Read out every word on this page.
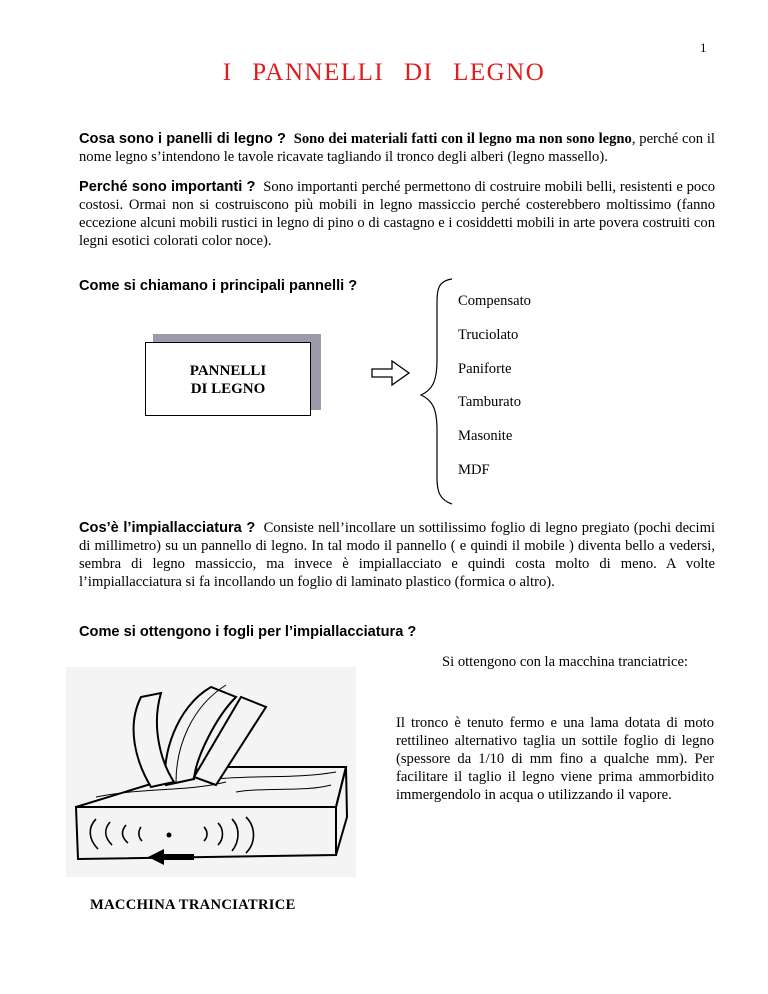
1
I PANNELLI DI LEGNO
Cosa sono i panelli di legno ? Sono dei materiali fatti con il legno ma non sono legno, perché con il nome legno s’intendono le tavole ricavate tagliando il tronco degli alberi (legno massello).
Perché sono importanti ? Sono importanti perché permettono di costruire mobili belli, resistenti e poco costosi. Ormai non si costruiscono più mobili in legno massiccio perché costerebbero moltissimo (fanno eccezione alcuni mobili rustici in legno di pino o di castagno e i cosiddetti mobili in arte povera costruiti con legni esotici colorati color noce).
Come si chiamano i principali pannelli ?
PANNELLI
DI LEGNO
Compensato
Truciolato
Paniforte
Tamburato
Masonite
MDF
Cos’è l’impiallacciatura ? Consiste nell’incollare un sottilissimo foglio di legno pregiato (pochi decimi di millimetro) su un pannello di legno. In tal modo il pannello ( e quindi il mobile ) diventa bello a vedersi, sembra di legno massiccio, ma invece è impiallacciato e quindi costa molto di meno. A volte l’impiallacciatura si fa incollando un foglio di laminato plastico (formica o altro).
Come si ottengono i fogli per l’impiallacciatura ?
Si ottengono con la macchina tranciatrice:
Il tronco è tenuto fermo e una lama dotata di moto rettilineo alternativo taglia un sottile foglio di legno (spessore da 1/10 di mm fino a qualche mm). Per facilitare il taglio il legno viene prima ammorbidito immergendolo in acqua o utilizzando il vapore.
MACCHINA TRANCIATRICE
